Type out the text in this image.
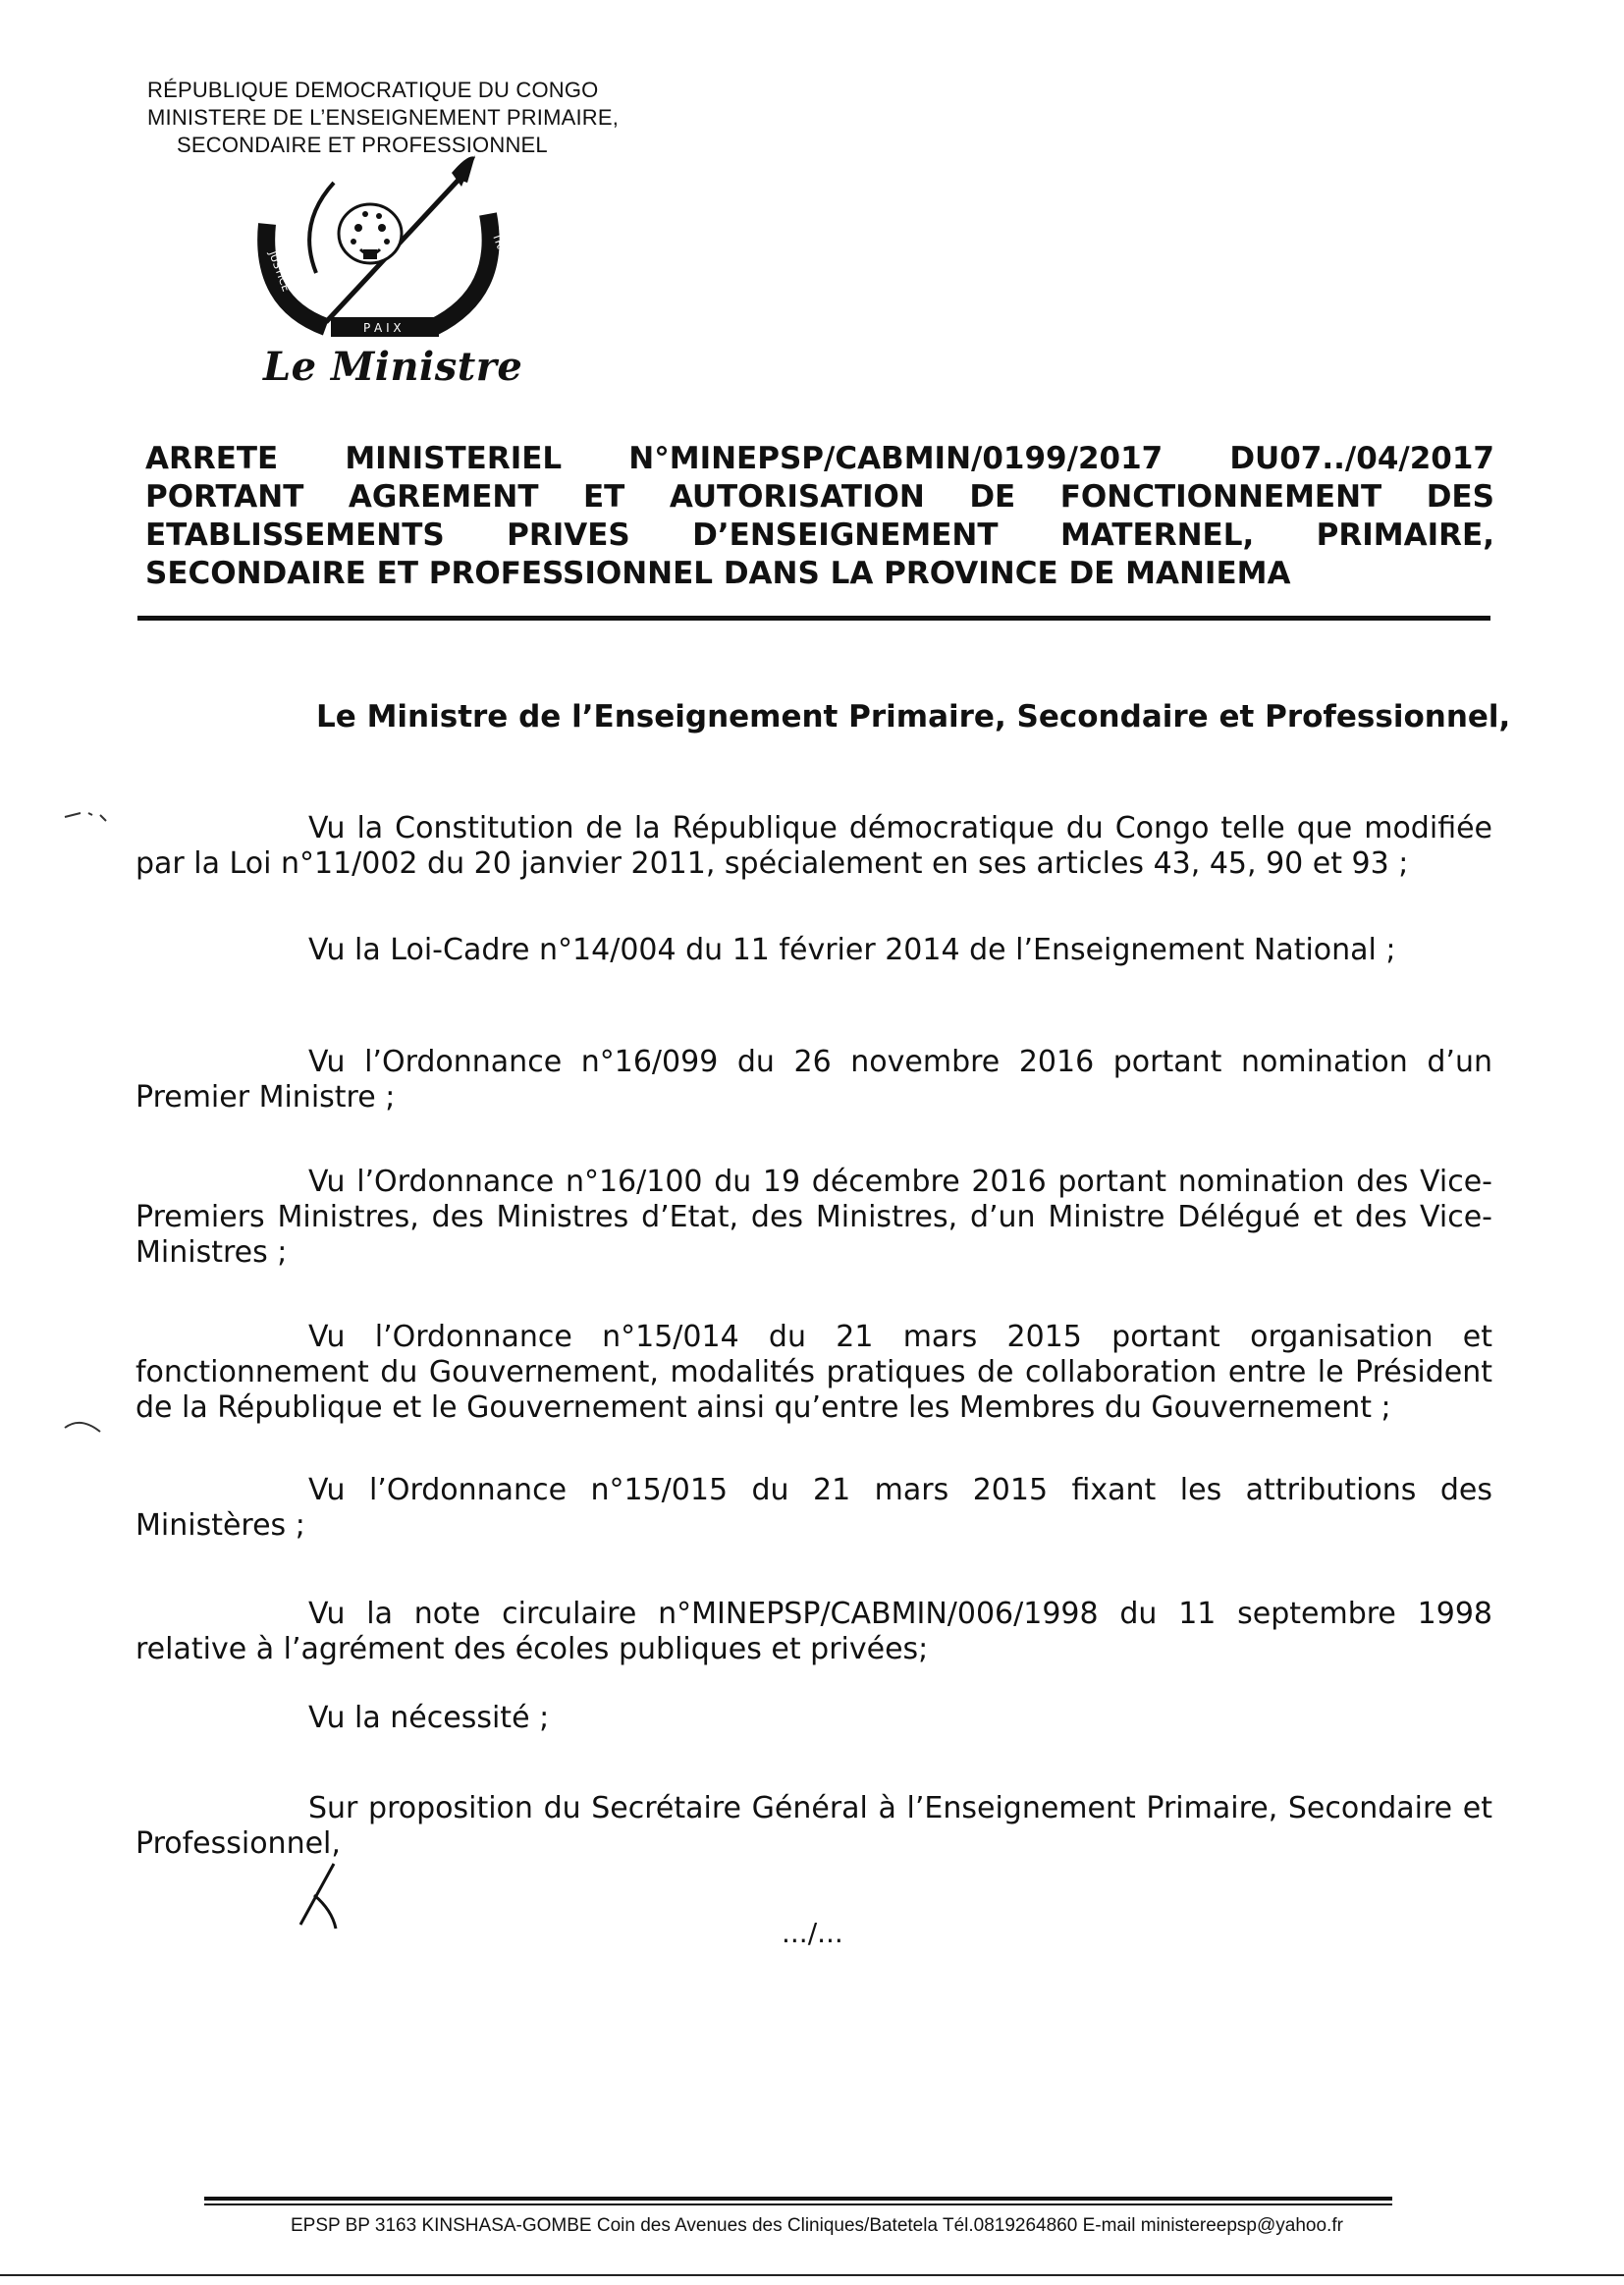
RÉPUBLIQUE DEMOCRATIQUE DU CONGO
MINISTERE DE L’ENSEIGNEMENT PRIMAIRE,
SECONDAIRE ET PROFESSIONNEL
JUSTICE	TRAVAIL
P A I X
Le Ministre
ARRETE MINISTERIEL N°MINEPSP/CABMIN/0199/2017 DU07../04/2017
PORTANT AGREMENT ET AUTORISATION DE FONCTIONNEMENT DES
ETABLISSEMENTS PRIVES D’ENSEIGNEMENT MATERNEL, PRIMAIRE,
SECONDAIRE ET PROFESSIONNEL DANS LA PROVINCE DE MANIEMA
Le Ministre de l’Enseignement Primaire, Secondaire et Professionnel,
Vu la Constitution de la République démocratique du Congo telle que modifiée par la Loi n°11/002 du 20 janvier 2011, spécialement en ses articles 43, 45, 90 et 93 ;
Vu la Loi-Cadre n°14/004 du 11 février 2014 de l’Enseignement National ;
Vu l’Ordonnance n°16/099 du 26 novembre 2016 portant nomination d’un Premier Ministre ;
Vu l’Ordonnance n°16/100 du 19 décembre 2016 portant nomination des Vice-Premiers Ministres, des Ministres d’Etat, des Ministres, d’un Ministre Délégué et des Vice-Ministres ;
Vu l’Ordonnance n°15/014 du 21 mars 2015 portant organisation et fonctionnement du Gouvernement, modalités pratiques de collaboration entre le Président de la République et le Gouvernement ainsi qu’entre les Membres du Gouvernement ;
Vu l’Ordonnance n°15/015 du 21 mars 2015 fixant les attributions des Ministères ;
Vu la note circulaire n°MINEPSP/CABMIN/006/1998 du 11 septembre 1998 relative à l’agrément des écoles publiques et privées;
Vu la nécessité ;
Sur proposition du Secrétaire Général à l’Enseignement Primaire, Secondaire et Professionnel,
.../...
EPSP BP 3163 KINSHASA-GOMBE Coin des Avenues des Cliniques/Batetela Tél.0819264860 E-mail ministereepsp@yahoo.fr
